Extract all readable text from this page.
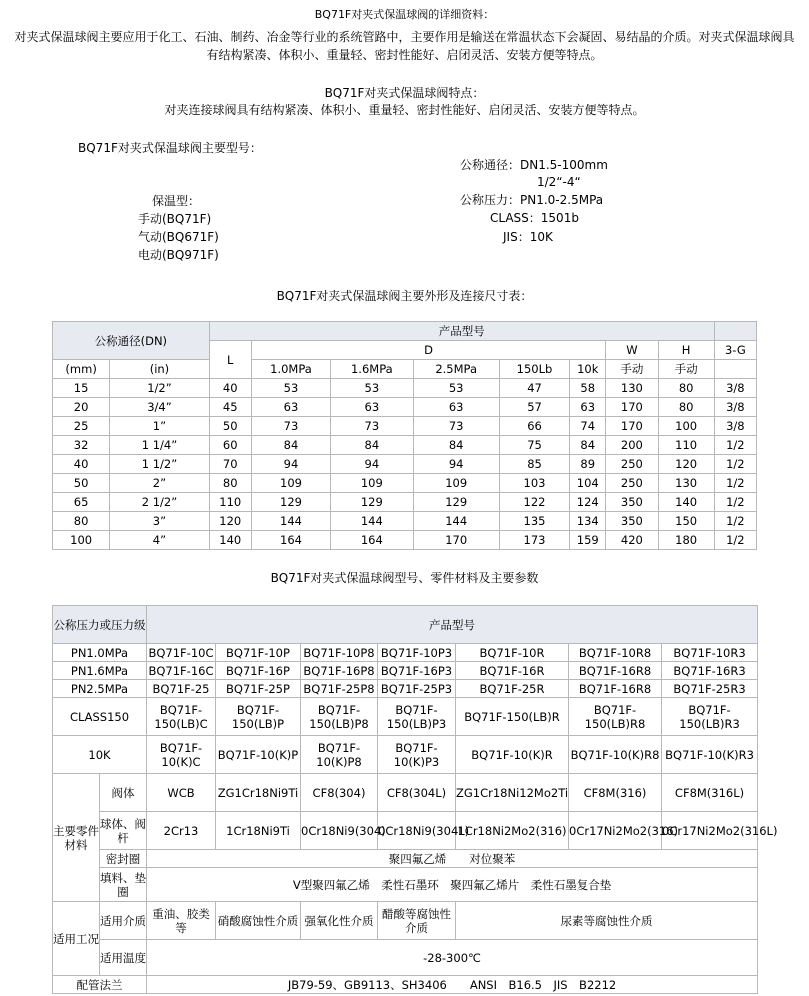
BQ71F对夹式保温球阀的详细资料：
对夹式保温球阀主要应用于化工、石油、制药、冶金等行业的系统管路中，主要作用是输送在常温状态下会凝固、易结晶的介质。对夹式保温球阀具有结构紧凑、体积小、重量轻、密封性能好、启闭灵活、安装方便等特点。
BQ71F对夹式保温球阀特点：
对夹连接球阀具有结构紧凑、体积小、重量轻、密封性能好、启闭灵活、安装方便等特点。
BQ71F对夹式保温球阀主要型号：
公称通径：DN1.5-100mm
1/2“-4“
公称压力：PN1.0-2.5MPa
CLASS：1501b
JIS：10K
保温型：
手动(BQ71F)
气动(BQ671F)
电动(BQ971F)
BQ71F对夹式保温球阀主要外形及连接尺寸表：
公称通径(DN)		产品型号								
		L	D					W	H	3-G
(mm)	(in)		1.0MPa	1.6MPa	2.5MPa	150Lb	10k	手动	手动	
15	1/2”	40	53	53	53	47	58	130	80	3/8
20	3/4”	45	63	63	63	57	63	170	80	3/8
25	1”	50	73	73	73	66	74	170	100	3/8
32	1 1/4”	60	84	84	84	75	84	200	110	1/2
40	1 1/2”	70	94	94	94	85	89	250	120	1/2
50	2”	80	109	109	109	103	104	250	130	1/2
65	2 1/2”	110	129	129	129	122	124	350	140	1/2
80	3”	120	144	144	144	135	134	350	150	1/2
100	4”	140	164	164	170	173	159	420	180	1/2
BQ71F对夹式保温球阀型号、零件材料及主要参数
公称压力或压力级		产品型号						
PN1.0MPa		BQ71F-10C	BQ71F-10P	BQ71F-10P8	BQ71F-10P3	BQ71F-10R	BQ71F-10R8	BQ71F-10R3
PN1.6MPa		BQ71F-16C	BQ71F-16P	BQ71F-16P8	BQ71F-16P3	BQ71F-16R	BQ71F-16R8	BQ71F-16R3
PN2.5MPa		BQ71F-25	BQ71F-25P	BQ71F-25P8	BQ71F-25P3	BQ71F-25R	BQ71F-16R8	BQ71F-25R3
CLASS150		BQ71F-150(LB)C	BQ71F-150(LB)P	BQ71F-150(LB)P8	BQ71F-150(LB)P3	BQ71F-150(LB)R	BQ71F-150(LB)R8	BQ71F-150(LB)R3
10K		BQ71F-10(K)C	BQ71F-10(K)P	BQ71F-10(K)P8	BQ71F-10(K)P3	BQ71F-10(K)R	BQ71F-10(K)R8	BQ71F-10(K)R3
主要零件材料	阀体	WCB	ZG1Cr18Ni9Ti	CF8(304)	CF8(304L)	ZG1Cr18Ni12Mo2Ti	CF8M(316)	CF8M(316L)
	球体、阀杆	2Cr13	1Cr18Ni9Ti	0Cr18Ni9(304)	0Cr18Ni9(304L)	1Cr18Ni2Mo2(316)	0Cr17Ni2Mo2(316)	0Cr17Ni2Mo2(316L)
	密封圈	聚四氟乙烯　　对位聚苯						
	填料、垫圈	V型聚四氟乙烯　柔性石墨环　聚四氟乙烯片　柔性石墨复合垫						
适用工况	适用介质	重油、胶类等	硝酸腐蚀性介质	强氧化性介质	醋酸等腐蚀性介质	尿素等腐蚀性介质		
	适用温度	-28-300℃						
配管法兰		JB79-59、GB9113、SH3406　　ANSI　B16.5　JIS　B2212						
